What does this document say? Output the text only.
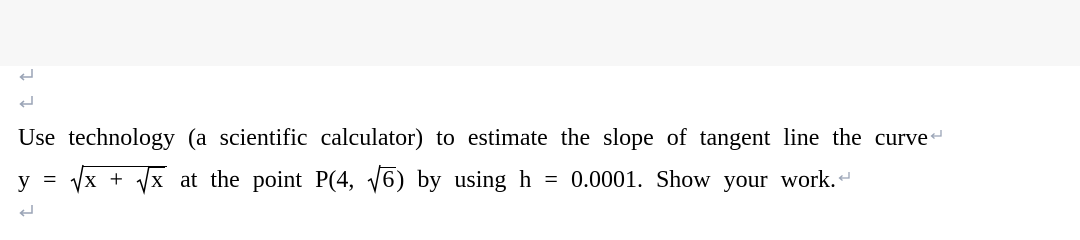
Use technology (a scientific calculator) to estimate the slope of tangent line the curve
y =
x +
x at the point P(4,
6) by using h = 0.0001. Show your work.
